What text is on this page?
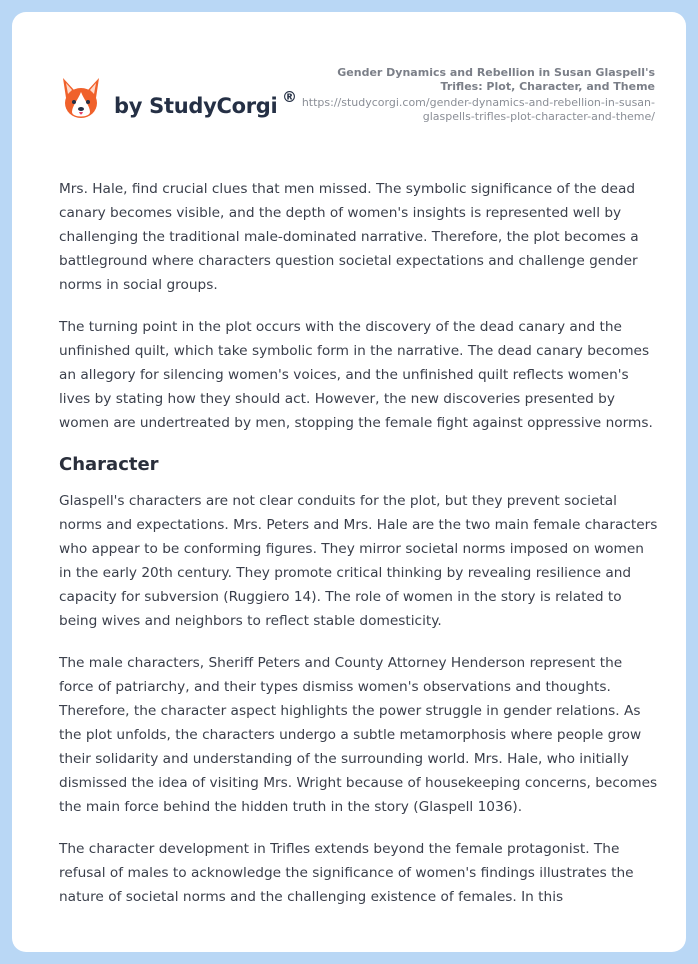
by StudyCorgi ®
Gender Dynamics and Rebellion in Susan Glaspell's Trifles: Plot, Character, and Theme
https://studycorgi.com/gender-dynamics-and-rebellion-in-susan-glaspells-trifles-plot-character-and-theme/

Mrs. Hale, find crucial clues that men missed. The symbolic significance of the dead canary becomes visible, and the depth of women's insights is represented well by challenging the traditional male-dominated narrative. Therefore, the plot becomes a battleground where characters question societal expectations and challenge gender norms in social groups.

The turning point in the plot occurs with the discovery of the dead canary and the unfinished quilt, which take symbolic form in the narrative. The dead canary becomes an allegory for silencing women's voices, and the unfinished quilt reflects women's lives by stating how they should act. However, the new discoveries presented by women are undertreated by men, stopping the female fight against oppressive norms.

Character

Glaspell's characters are not clear conduits for the plot, but they prevent societal norms and expectations. Mrs. Peters and Mrs. Hale are the two main female characters who appear to be conforming figures. They mirror societal norms imposed on women in the early 20th century. They promote critical thinking by revealing resilience and capacity for subversion (Ruggiero 14). The role of women in the story is related to being wives and neighbors to reflect stable domesticity.

The male characters, Sheriff Peters and County Attorney Henderson represent the force of patriarchy, and their types dismiss women's observations and thoughts. Therefore, the character aspect highlights the power struggle in gender relations. As the plot unfolds, the characters undergo a subtle metamorphosis where people grow their solidarity and understanding of the surrounding world. Mrs. Hale, who initially dismissed the idea of visiting Mrs. Wright because of housekeeping concerns, becomes the main force behind the hidden truth in the story (Glaspell 1036).

The character development in Trifles extends beyond the female protagonist. The refusal of males to acknowledge the significance of women's findings illustrates the nature of societal norms and the challenging existence of females. In this
